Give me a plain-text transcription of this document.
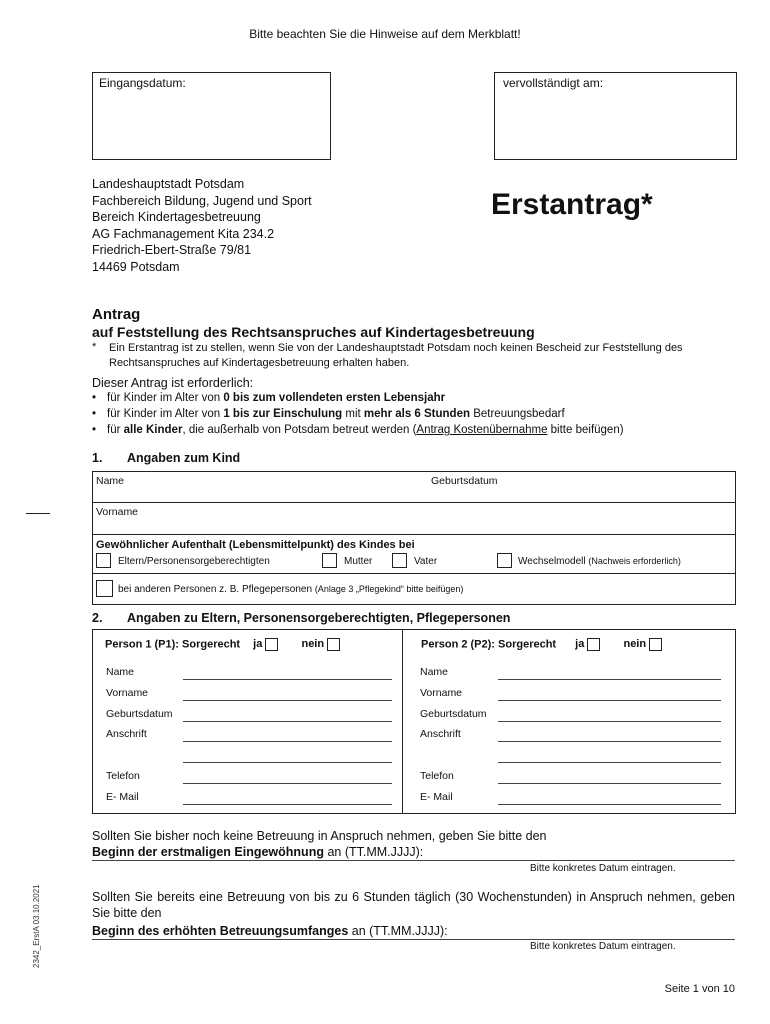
Bitte beachten Sie die Hinweise auf dem Merkblatt!
Eingangsdatum:	vervollständigt am:
Landeshauptstadt Potsdam
Fachbereich Bildung, Jugend und Sport
Bereich Kindertagesbetreuung
AG Fachmanagement Kita 234.2
Friedrich-Ebert-Straße 79/81
14469 Potsdam
Erstantrag*
Antrag
auf Feststellung des Rechtsanspruches auf Kindertagesbetreuung
* Ein Erstantrag ist zu stellen, wenn Sie von der Landeshauptstadt Potsdam noch keinen Bescheid zur Feststellung des Rechtsanspruches auf Kindertagesbetreuung erhalten haben.
Dieser Antrag ist erforderlich:
• für Kinder im Alter von 0 bis zum vollendeten ersten Lebensjahr
• für Kinder im Alter von 1 bis zur Einschulung mit mehr als 6 Stunden Betreuungsbedarf
• für alle Kinder, die außerhalb von Potsdam betreut werden (Antrag Kostenübernahme bitte beifügen)
1. Angaben zum Kind
Name	Geburtsdatum
Vorname
Gewöhnlicher Aufenthalt (Lebensmittelpunkt) des Kindes bei
Eltern/Personensorgeberechtigten	Mutter	Vater	Wechselmodell (Nachweis erforderlich)
bei anderen Personen z. B. Pflegepersonen (Anlage 3 „Pflegekind“ bitte beifügen)
2. Angaben zu Eltern, Personensorgeberechtigten, Pflegepersonen
Person 1 (P1): Sorgerecht ja	nein
Name
Vorname
Geburtsdatum
Anschrift
Telefon
E- Mail
Person 2 (P2): Sorgerecht ja	nein
Name
Vorname
Geburtsdatum
Anschrift
Telefon
E- Mail
Sollten Sie bisher noch keine Betreuung in Anspruch nehmen, geben Sie bitte den
Beginn der erstmaligen Eingewöhnung an (TT.MM.JJJJ):
Bitte konkretes Datum eintragen.
Sollten Sie bereits eine Betreuung von bis zu 6 Stunden täglich (30 Wochenstunden) in Anspruch nehmen, geben Sie bitte den
Beginn des erhöhten Betreuungsumfanges an (TT.MM.JJJJ):
Bitte konkretes Datum eintragen.
2342_ErstA 03.10.2021
Seite 1 von 10
